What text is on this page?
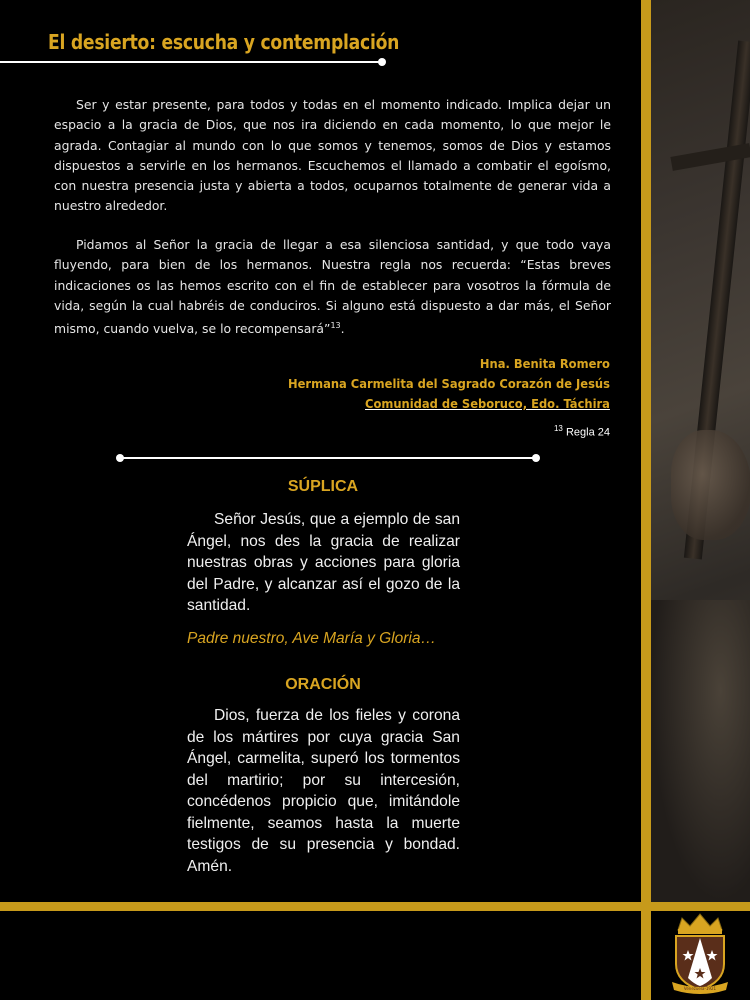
El desierto: escucha y contemplación
Ser y estar presente, para todos y todas en el momento indicado. Implica dejar un espacio a la gracia de Dios, que nos ira diciendo en cada momento, lo que mejor le agrada. Contagiar al mundo con lo que somos y tenemos, somos de Dios y estamos dispuestos a servirle en los hermanos. Escuchemos el llamado a combatir el egoísmo, con nuestra presencia justa y abierta a todos, ocuparnos totalmente de generar vida a nuestro alrededor.
Pidamos al Señor la gracia de llegar a esa silenciosa santidad, y que todo vaya fluyendo, para bien de los hermanos. Nuestra regla nos recuerda: “Estas breves indicaciones os las hemos escrito con el fin de establecer para vosotros la fórmula de vida, según la cual habréis de conduciros. Si alguno está dispuesto a dar más, el Señor mismo, cuando vuelva, se lo recompensará”$^{13}$.
Hna. Benita Romero
Hermana Carmelita del Sagrado Corazón de Jesús
Comunidad de Seboruco, Edo. Táchira
$^{13}$ Regla 24
SÚPLICA
Señor Jesús, que a ejemplo de san Ángel, nos des la gracia de realizar nuestras obras y acciones para gloria del Padre, y alcanzar así el gozo de la santidad.
Padre nuestro, Ave María y Gloria…
ORACIÓN
Dios, fuerza de los fieles y corona de los mártires por cuya gracia San Ángel, carmelita, superó los tormentos del martirio; por su intercesión, concédenos propicio que, imitándole fielmente, seamos hasta la muerte testigos de su presencia y bondad. Amén.
Venezuela-1921
